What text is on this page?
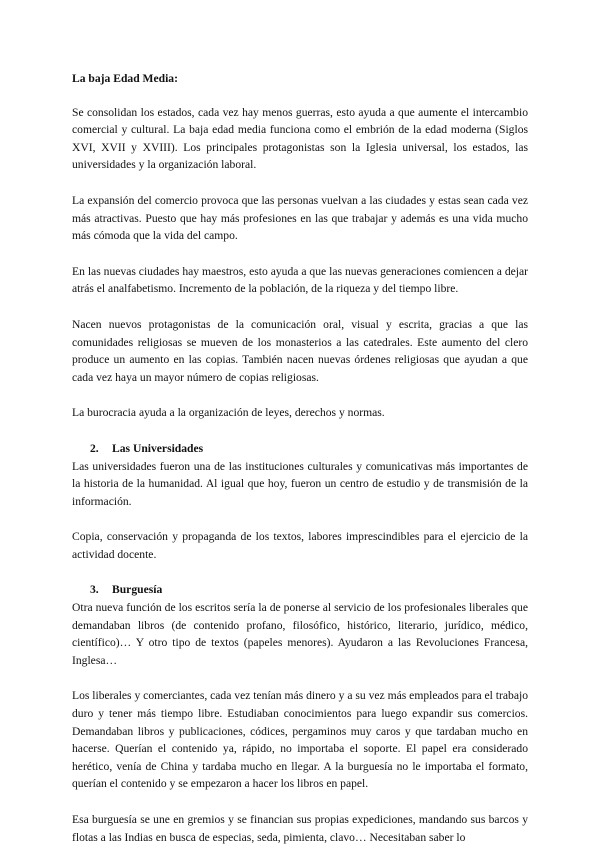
La baja Edad Media:

Se consolidan los estados, cada vez hay menos guerras, esto ayuda a que aumente el intercambio comercial y cultural. La baja edad media funciona como el embrión de la edad moderna (Siglos XVI, XVII y XVIII). Los principales protagonistas son la Iglesia universal, los estados, las universidades y la organización laboral.

La expansión del comercio provoca que las personas vuelvan a las ciudades y estas sean cada vez más atractivas. Puesto que hay más profesiones en las que trabajar y además es una vida mucho más cómoda que la vida del campo.

En las nuevas ciudades hay maestros, esto ayuda a que las nuevas generaciones comiencen a dejar atrás el analfabetismo. Incremento de la población, de la riqueza y del tiempo libre.

Nacen nuevos protagonistas de la comunicación oral, visual y escrita, gracias a que las comunidades religiosas se mueven de los monasterios a las catedrales. Este aumento del clero produce un aumento en las copias. También nacen nuevas órdenes religiosas que ayudan a que cada vez haya un mayor número de copias religiosas.

La burocracia ayuda a la organización de leyes, derechos y normas.

2. Las Universidades

Las universidades fueron una de las instituciones culturales y comunicativas más importantes de la historia de la humanidad. Al igual que hoy, fueron un centro de estudio y de transmisión de la información.

Copia, conservación y propaganda de los textos, labores imprescindibles para el ejercicio de la actividad docente.

3. Burguesía

Otra nueva función de los escritos sería la de ponerse al servicio de los profesionales liberales que demandaban libros (de contenido profano, filosófico, histórico, literario, jurídico, médico, científico)… Y otro tipo de textos (papeles menores). Ayudaron a las Revoluciones Francesa, Inglesa…

Los liberales y comerciantes, cada vez tenían más dinero y a su vez más empleados para el trabajo duro y tener más tiempo libre. Estudiaban conocimientos para luego expandir sus comercios. Demandaban libros y publicaciones, códices, pergaminos muy caros y que tardaban mucho en hacerse. Querían el contenido ya, rápido, no importaba el soporte. El papel era considerado herético, venía de China y tardaba mucho en llegar. A la burguesía no le importaba el formato, querían el contenido y se empezaron a hacer los libros en papel.

Esa burguesía se une en gremios y se financian sus propias expediciones, mandando sus barcos y flotas a las Indias en busca de especias, seda, pimienta, clavo… Necesitaban saber lo
